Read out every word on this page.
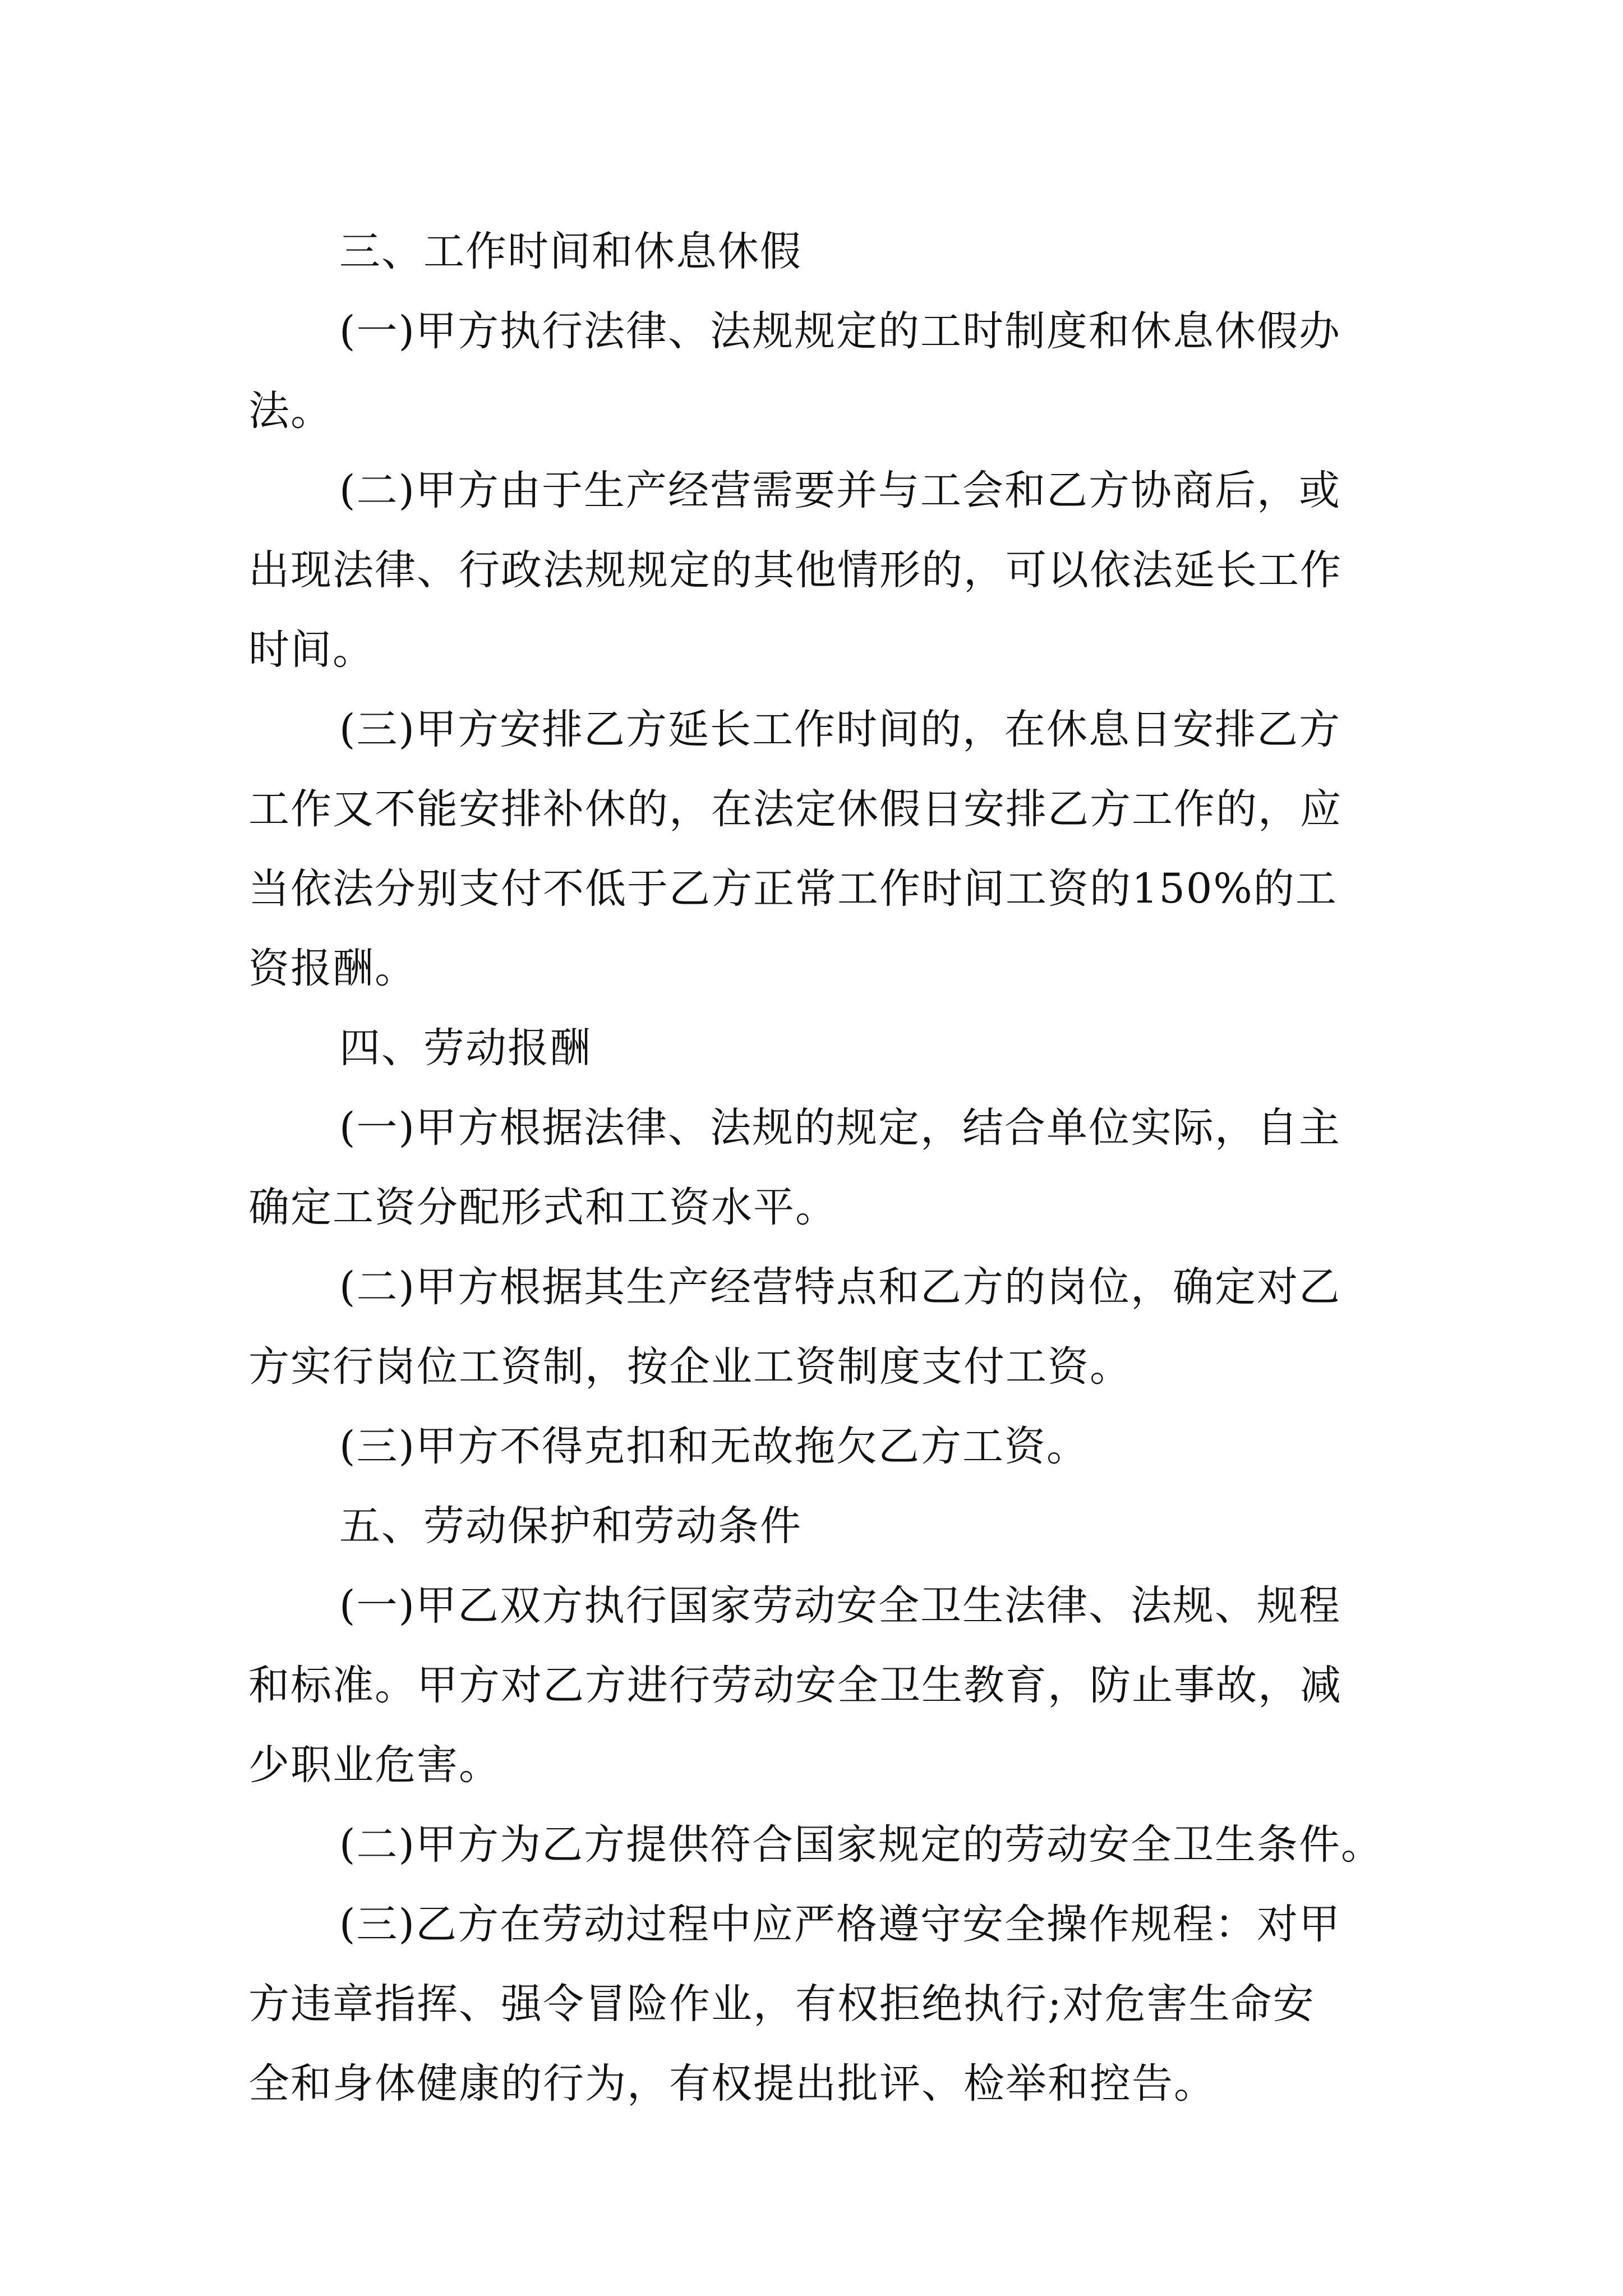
三、工作时间和休息休假
(一)甲方执行法律、法规规定的工时制度和休息休假办
法。
(二)甲方由于生产经营需要并与工会和乙方协商后，或
出现法律、行政法规规定的其他情形的，可以依法延长工作
时间。
(三)甲方安排乙方延长工作时间的，在休息日安排乙方
工作又不能安排补休的，在法定休假日安排乙方工作的，应
当依法分别支付不低于乙方正常工作时间工资的150%的工
资报酬。
四、劳动报酬
(一)甲方根据法律、法规的规定，结合单位实际，自主
确定工资分配形式和工资水平。
(二)甲方根据其生产经营特点和乙方的岗位，确定对乙
方实行岗位工资制，按企业工资制度支付工资。
(三)甲方不得克扣和无故拖欠乙方工资。
五、劳动保护和劳动条件
(一)甲乙双方执行国家劳动安全卫生法律、法规、规程
和标准。甲方对乙方进行劳动安全卫生教育，防止事故，减
少职业危害。
(二)甲方为乙方提供符合国家规定的劳动安全卫生条件。
(三)乙方在劳动过程中应严格遵守安全操作规程：对甲
方违章指挥、强令冒险作业，有权拒绝执行;对危害生命安
全和身体健康的行为，有权提出批评、检举和控告。
